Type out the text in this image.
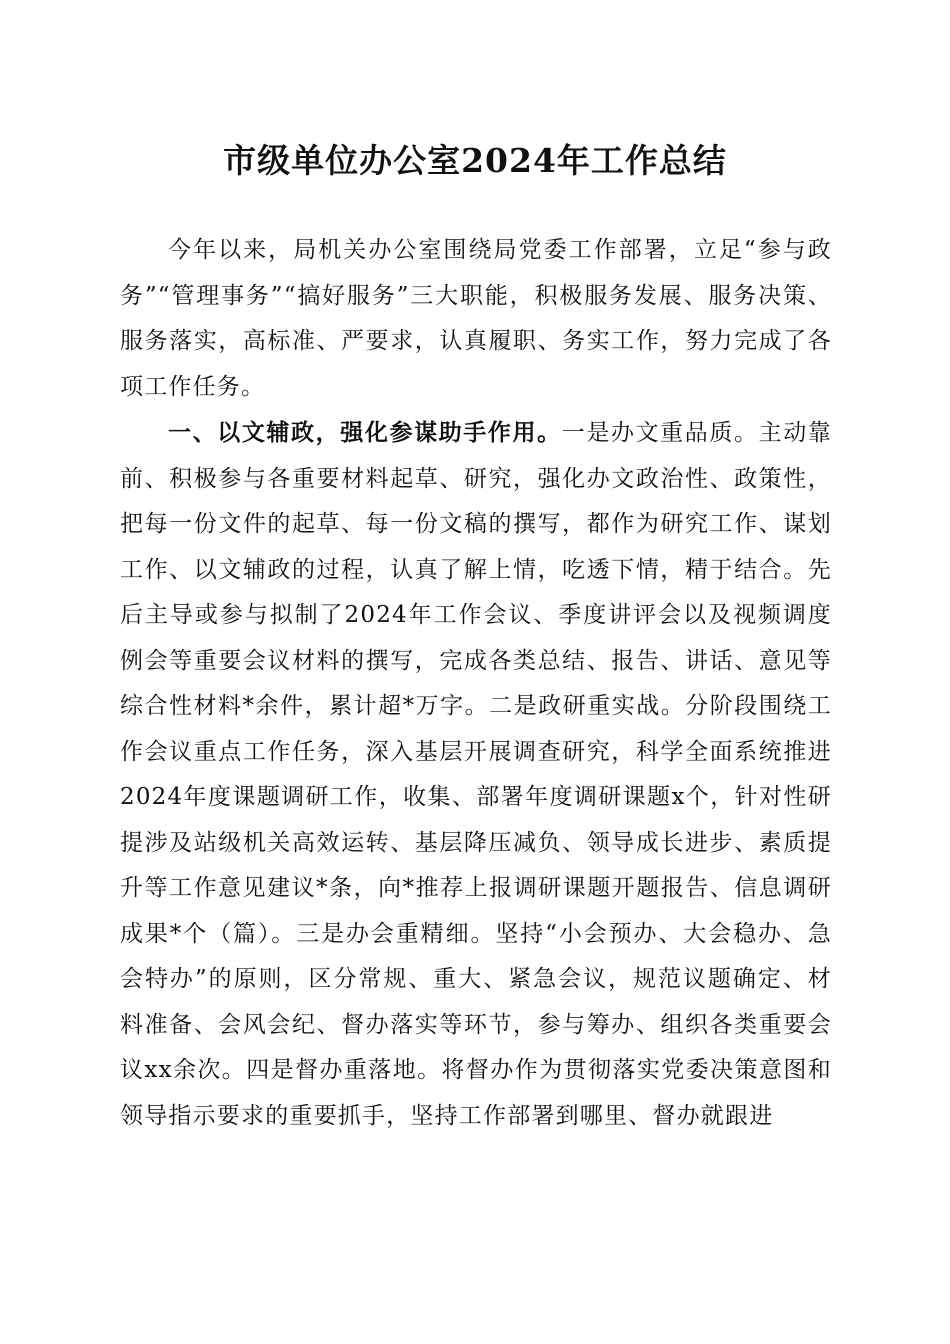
市级单位办公室2024年工作总结

今年以来，局机关办公室围绕局党委工作部署，立足“参与政务”“管理事务”“搞好服务”三大职能，积极服务发展、服务决策、服务落实，高标准、严要求，认真履职、务实工作，努力完成了各项工作任务。

一、以文辅政，强化参谋助手作用。一是办文重品质。主动靠前、积极参与各重要材料起草、研究，强化办文政治性、政策性，把每一份文件的起草、每一份文稿的撰写，都作为研究工作、谋划工作、以文辅政的过程，认真了解上情，吃透下情，精于结合。先后主导或参与拟制了2024年工作会议、季度讲评会以及视频调度例会等重要会议材料的撰写，完成各类总结、报告、讲话、意见等综合性材料*余件，累计超*万字。二是政研重实战。分阶段围绕工作会议重点工作任务，深入基层开展调查研究，科学全面系统推进2024年度课题调研工作，收集、部署年度调研课题x个，针对性研提涉及站级机关高效运转、基层降压减负、领导成长进步、素质提升等工作意见建议*条，向*推荐上报调研课题开题报告、信息调研成果*个（篇）。三是办会重精细。坚持“小会预办、大会稳办、急会特办”的原则，区分常规、重大、紧急会议，规范议题确定、材料准备、会风会纪、督办落实等环节，参与筹办、组织各类重要会议xx余次。四是督办重落地。将督办作为贯彻落实党委决策意图和领导指示要求的重要抓手，坚持工作部署到哪里、督办就跟进
